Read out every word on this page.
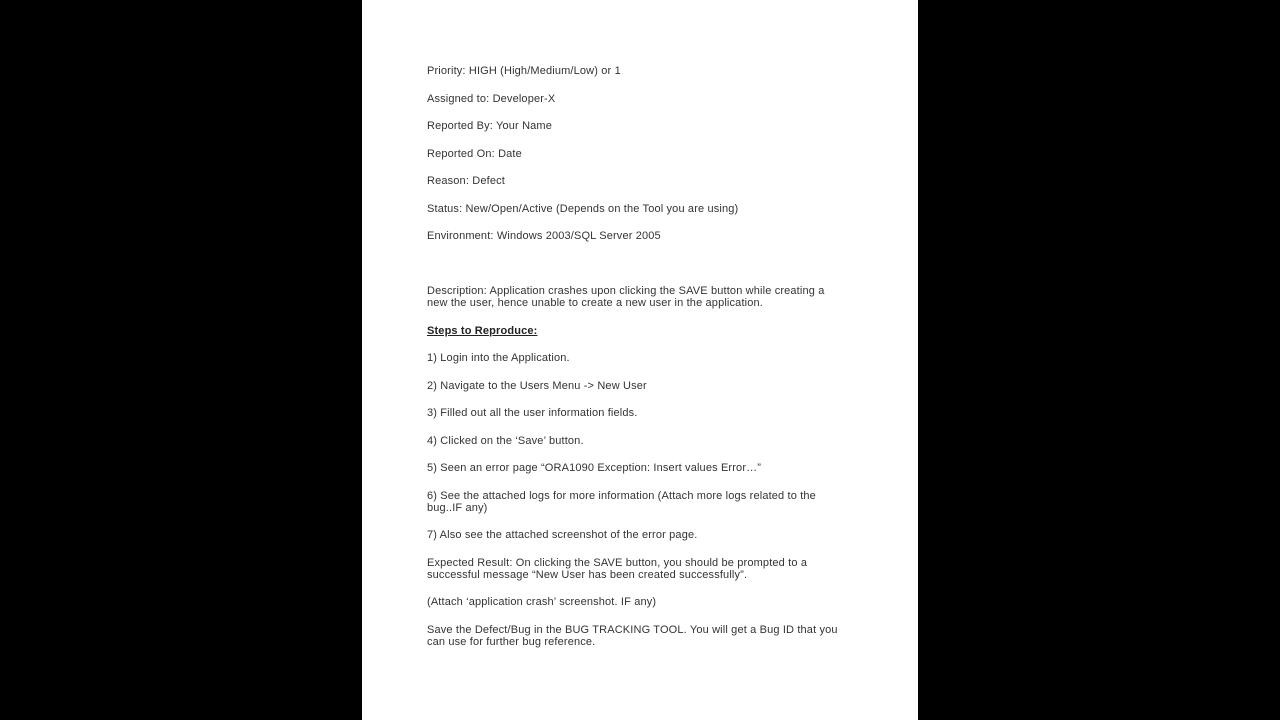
Priority: HIGH (High/Medium/Low) or 1
Assigned to: Developer-X
Reported By: Your Name
Reported On: Date
Reason: Defect
Status: New/Open/Active (Depends on the Tool you are using)
Environment: Windows 2003/SQL Server 2005

Description: Application crashes upon clicking the SAVE button while creating a new the user, hence unable to create a new user in the application.

Steps to Reproduce:

1) Login into the Application.

2) Navigate to the Users Menu -> New User

3) Filled out all the user information fields.

4) Clicked on the ‘Save’ button.

5) Seen an error page “ORA1090 Exception: Insert values Error…”

6) See the attached logs for more information (Attach more logs related to the bug..IF any)

7) Also see the attached screenshot of the error page.

Expected Result: On clicking the SAVE button, you should be prompted to a successful message “New User has been created successfully”.

(Attach ‘application crash’ screenshot. IF any)

Save the Defect/Bug in the BUG TRACKING TOOL. You will get a Bug ID that you can use for further bug reference.
